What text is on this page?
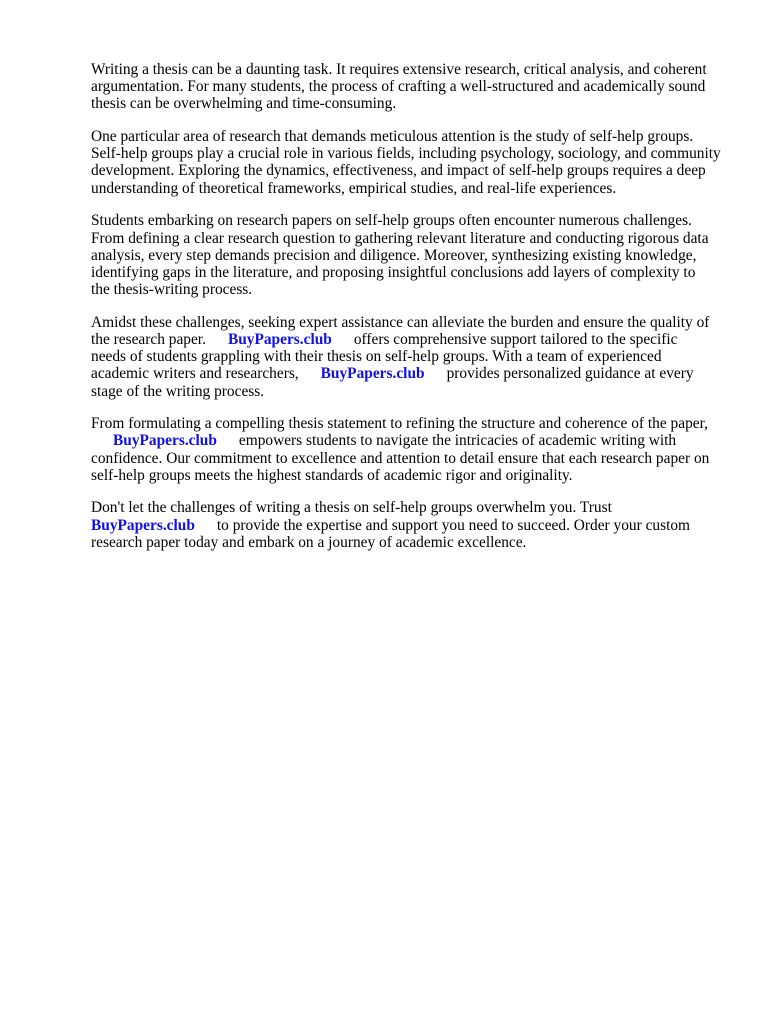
Writing a thesis can be a daunting task. It requires extensive research, critical analysis, and coherent
argumentation. For many students, the process of crafting a well-structured and academically sound
thesis can be overwhelming and time-consuming.

One particular area of research that demands meticulous attention is the study of self-help groups.
Self-help groups play a crucial role in various fields, including psychology, sociology, and community
development. Exploring the dynamics, effectiveness, and impact of self-help groups requires a deep
understanding of theoretical frameworks, empirical studies, and real-life experiences.

Students embarking on research papers on self-help groups often encounter numerous challenges.
From defining a clear research question to gathering relevant literature and conducting rigorous data
analysis, every step demands precision and diligence. Moreover, synthesizing existing knowledge,
identifying gaps in the literature, and proposing insightful conclusions add layers of complexity to
the thesis-writing process.

Amidst these challenges, seeking expert assistance can alleviate the burden and ensure the quality of
the research paper. BuyPapers.club offers comprehensive support tailored to the specific
needs of students grappling with their thesis on self-help groups. With a team of experienced
academic writers and researchers, BuyPapers.club provides personalized guidance at every
stage of the writing process.

From formulating a compelling thesis statement to refining the structure and coherence of the paper,
BuyPapers.club empowers students to navigate the intricacies of academic writing with
confidence. Our commitment to excellence and attention to detail ensure that each research paper on
self-help groups meets the highest standards of academic rigor and originality.

Don't let the challenges of writing a thesis on self-help groups overwhelm you. Trust
BuyPapers.club to provide the expertise and support you need to succeed. Order your custom
research paper today and embark on a journey of academic excellence.
